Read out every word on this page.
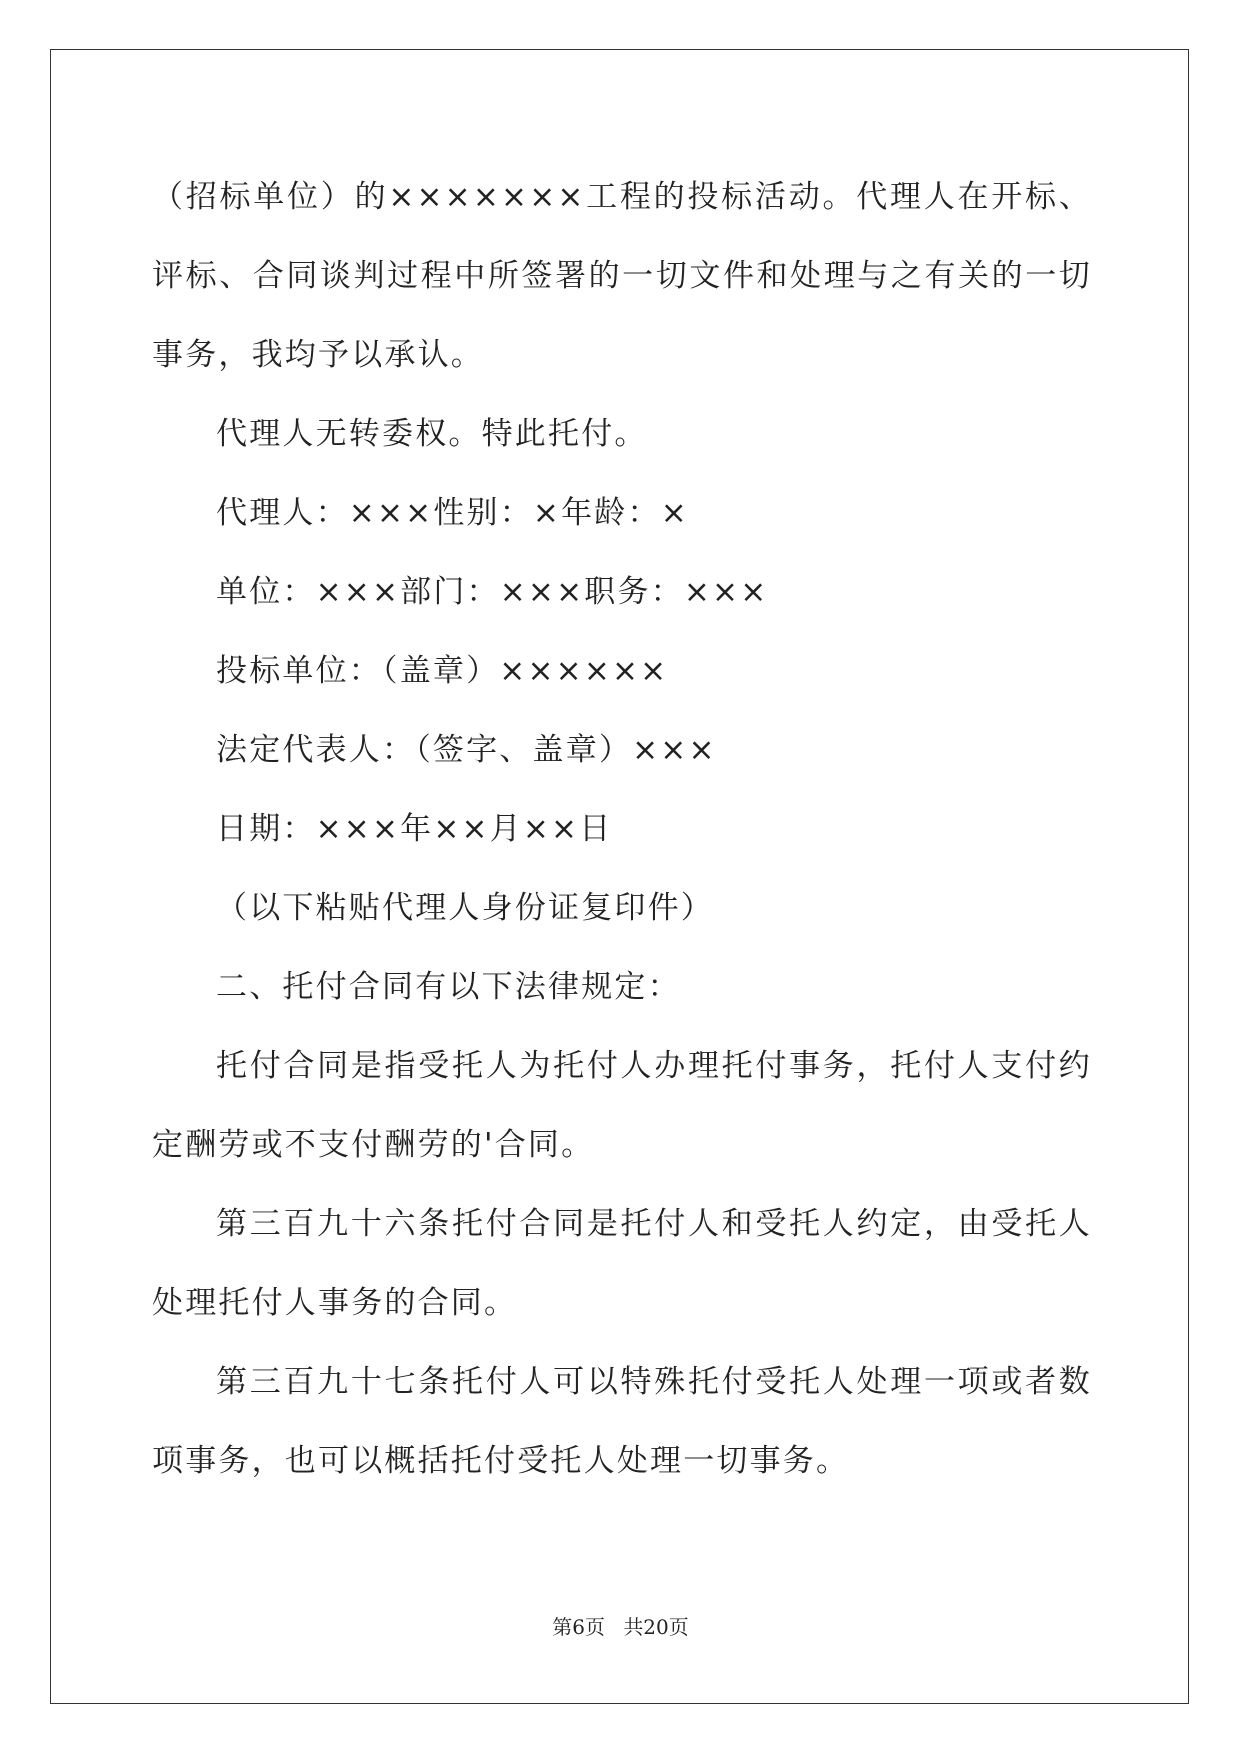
（招标单位）的×××××××工程的投标活动。代理人在开标、评标、合同谈判过程中所签署的一切文件和处理与之有关的一切事务，我均予以承认。
代理人无转委权。特此托付。
代理人：×××性别：×年龄：×
单位：×××部门：×××职务：×××
投标单位：（盖章）××××××
法定代表人：（签字、盖章）×××
日期：×××年××月××日
（以下粘贴代理人身份证复印件）
二、托付合同有以下法律规定：
托付合同是指受托人为托付人办理托付事务，托付人支付约定酬劳或不支付酬劳的'合同。
第三百九十六条托付合同是托付人和受托人约定，由受托人处理托付人事务的合同。
第三百九十七条托付人可以特殊托付受托人处理一项或者数项事务，也可以概括托付受托人处理一切事务。
第6页 共20页
